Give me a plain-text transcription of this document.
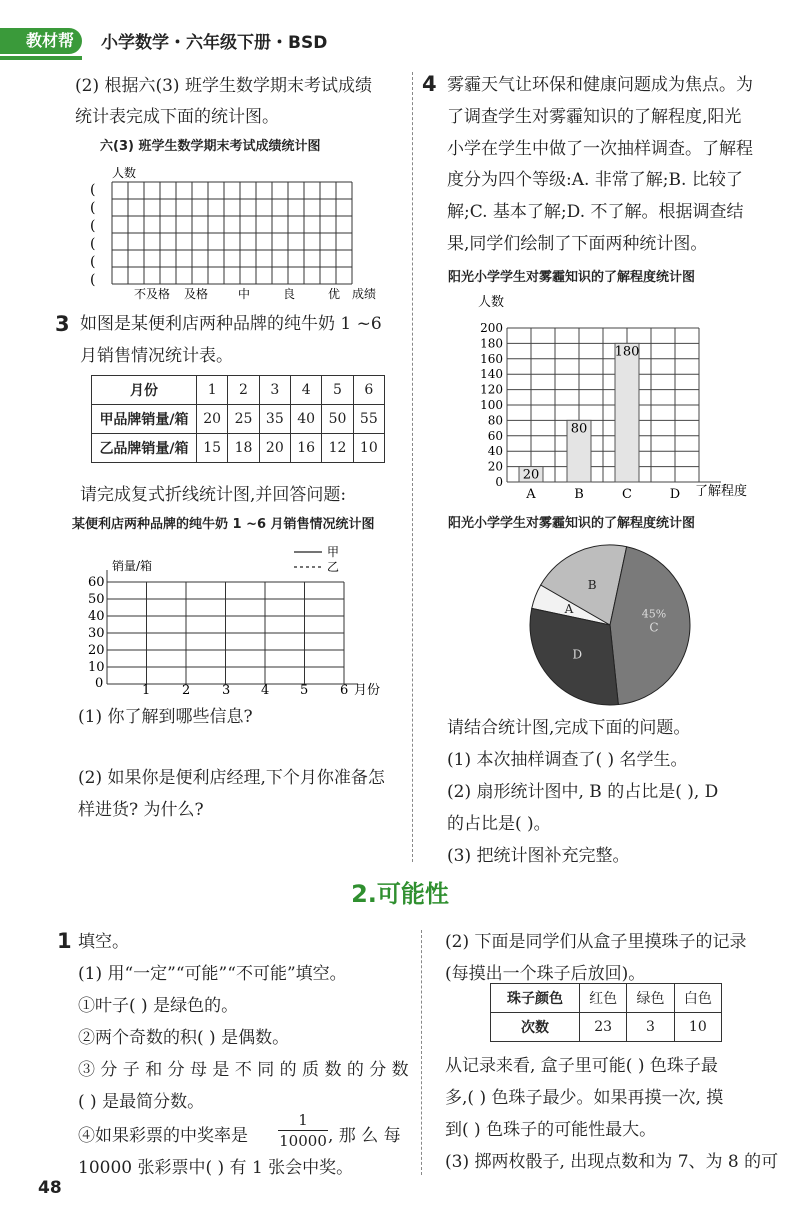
教材帮 小学数学・六年级下册・BSD
(2) 根据六(3) 班学生数学期末考试成绩
统计表完成下面的统计图。
六(3) 班学生数学期末考试成绩统计图
人数
(
(
(
(
(
(
不及格 及格 中	良	优 成绩
3 如图是某便利店两种品牌的纯牛奶 1 ~6
月销售情况统计表。
月份	1	2	3	4	5	6
甲品牌销量/箱	20	25	35	40	50	55
乙品牌销量/箱	15	18	20	16	12	10
请完成复式折线统计图,并回答问题:
某便利店两种品牌的纯牛奶 1 ~6 月销售情况统计图
甲
乙
销量/箱
60
50
40
30
20
10
0	1 2 3 4 5 6 月份
(1) 你了解到哪些信息?
(2) 如果你是便利店经理,下个月你准备怎
样进货? 为什么?
4 雾霾天气让环保和健康问题成为焦点。为
了调查学生对雾霾知识的了解程度,阳光
小学在学生中做了一次抽样调查。了解程
度分为四个等级:A. 非常了解;B. 比较了
解;C. 基本了解;D. 不了解。根据调查结
果,同学们绘制了下面两种统计图。
阳光小学学生对雾霾知识的了解程度统计图
人数
了解程度
0
20
40
60
80
100
120
140
160
180
200
A
20
B
80
C
180
D
阳光小学学生对雾霾知识的了解程度统计图
A
B
C
D
45%
请结合统计图,完成下面的问题。
(1) 本次抽样调查了( ) 名学生。
(2) 扇形统计图中, B 的占比是( ), D
的占比是( )。
(3) 把统计图补充完整。
2.可能性
1 填空。
(1) 用“一定”“可能”“不可能”填空。
①叶子( ) 是绿色的。
②两个奇数的积( ) 是偶数。
③ 分 子 和 分 母 是 不 同 的 质 数 的 分 数
( ) 是最简分数。
④如果彩票的中奖率是 $\frac{1}{10000}$ , 那 么 每
10000 张彩票中( ) 有 1 张会中奖。
(2) 下面是同学们从盒子里摸珠子的记录
(每摸出一个珠子后放回)。
珠子颜色	红色	绿色	白色
次数	23	3	10
从记录来看, 盒子里可能( ) 色珠子最
多,( ) 色珠子最少。如果再摸一次, 摸
到( ) 色珠子的可能性最大。
(3) 掷两枚骰子, 出现点数和为 7、为 8 的可
48
